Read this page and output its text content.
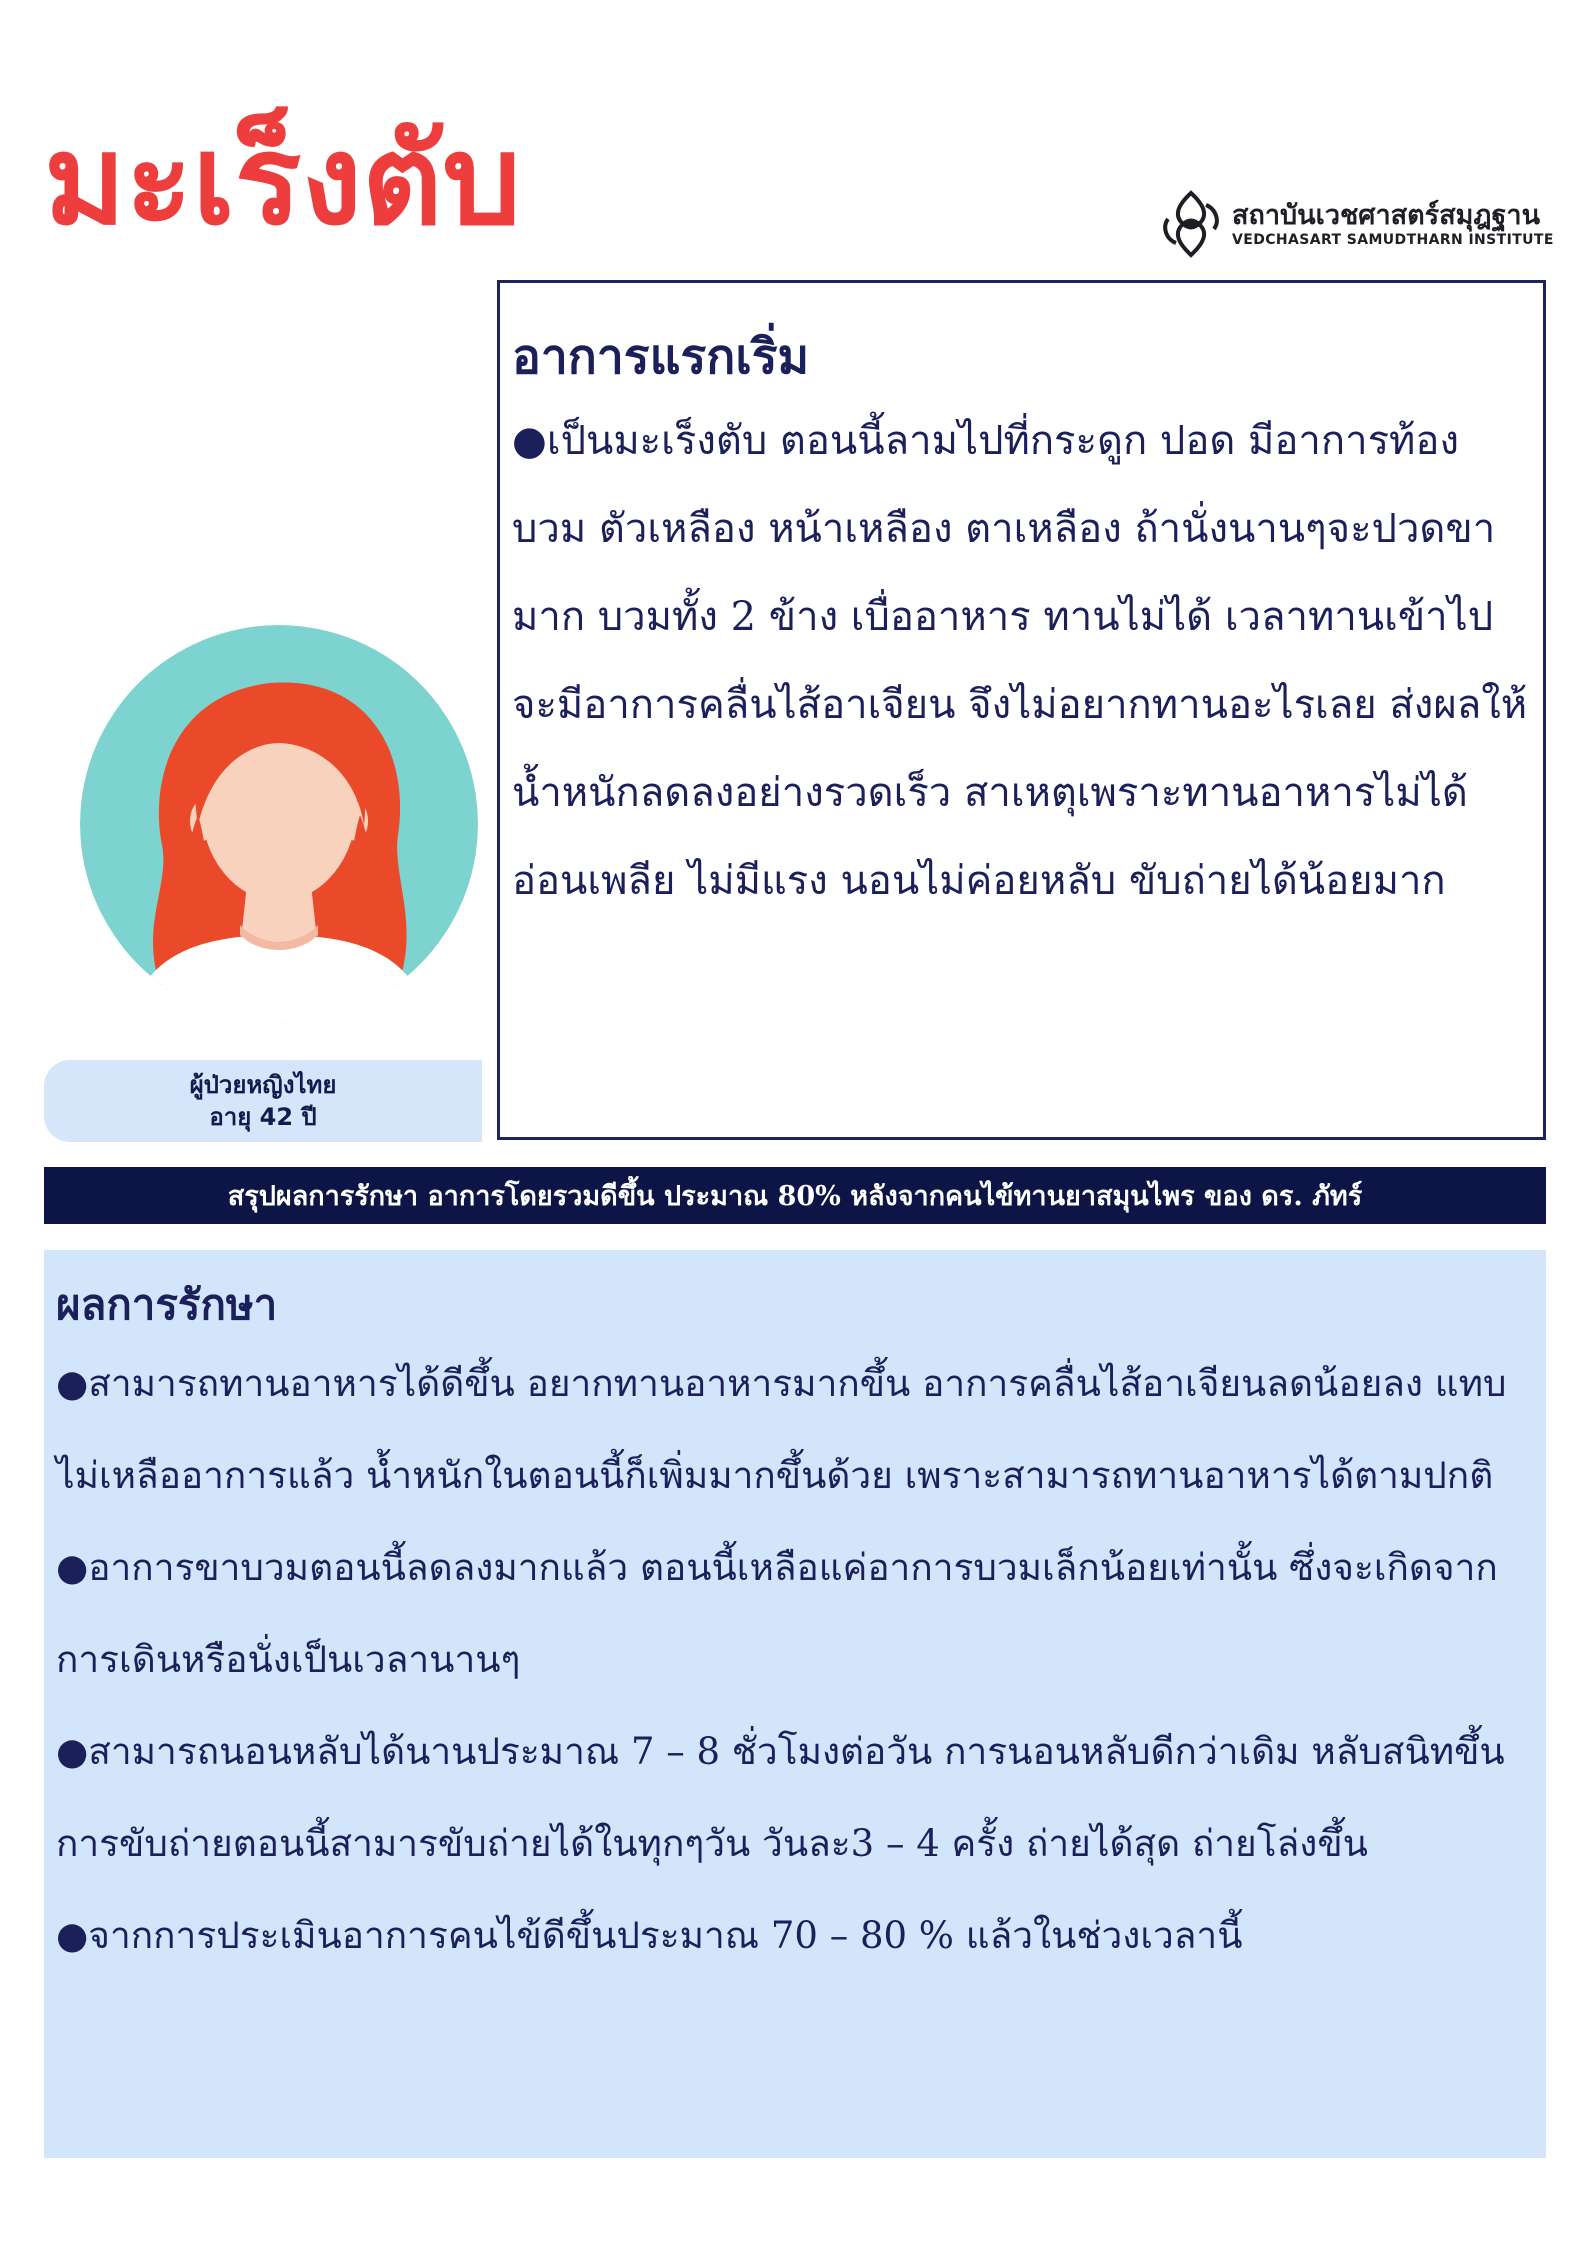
มะเร็งตับ	สถาบันเวชศาสตร์สมุฎฐาน
VEDCHASART SAMUDTHARN INSTITUTE
อาการแรกเริ่ม

●เป็นมะเร็งตับ ตอนนี้ลามไปที่กระดูก ปอด มีอาการท้องบวม ตัวเหลือง หน้าเหลือง ตาเหลือง ถ้านั่งนานๆจะปวดขามาก บวมทั้ง 2 ข้าง เบื่ออาหาร ทานไม่ได้ เวลาทานเข้าไปจะมีอาการคลื่นไส้อาเจียน จึงไม่อยากทานอะไรเลย ส่งผลให้น้ำหนักลดลงอย่างรวดเร็ว สาเหตุเพราะทานอาหารไม่ได้ อ่อนเพลีย ไม่มีแรง นอนไม่ค่อยหลับ ขับถ่ายได้น้อยมาก

ผู้ป่วยหญิงไทย
อายุ 42 ปี
สรุปผลการรักษา อาการโดยรวมดีขึ้น ประมาณ 80% หลังจากคนไข้ทานยาสมุนไพร ของ ดร. ภัทร์
ผลการรักษา

●สามารถทานอาหารได้ดีขึ้น อยากทานอาหารมากขึ้น อาการคลื่นไส้อาเจียนลดน้อยลง แทบไม่เหลืออาการแล้ว น้ำหนักในตอนนี้ก็เพิ่มมากขึ้นด้วย เพราะสามารถทานอาหารได้ตามปกติ

●อาการขาบวมตอนนี้ลดลงมากแล้ว ตอนนี้เหลือแค่อาการบวมเล็กน้อยเท่านั้น ซึ่งจะเกิดจากการเดินหรือนั่งเป็นเวลานานๆ

●สามารถนอนหลับได้นานประมาณ 7 – 8 ชั่วโมงต่อวัน การนอนหลับดีกว่าเดิม หลับสนิทขึ้นการขับถ่ายตอนนี้สามารขับถ่ายได้ในทุกๆวัน วันละ3 – 4 ครั้ง ถ่ายได้สุด ถ่ายโล่งขึ้น

●จากการประเมินอาการคนไข้ดีขึ้นประมาณ 70 – 80 % แล้วในช่วงเวลานี้
